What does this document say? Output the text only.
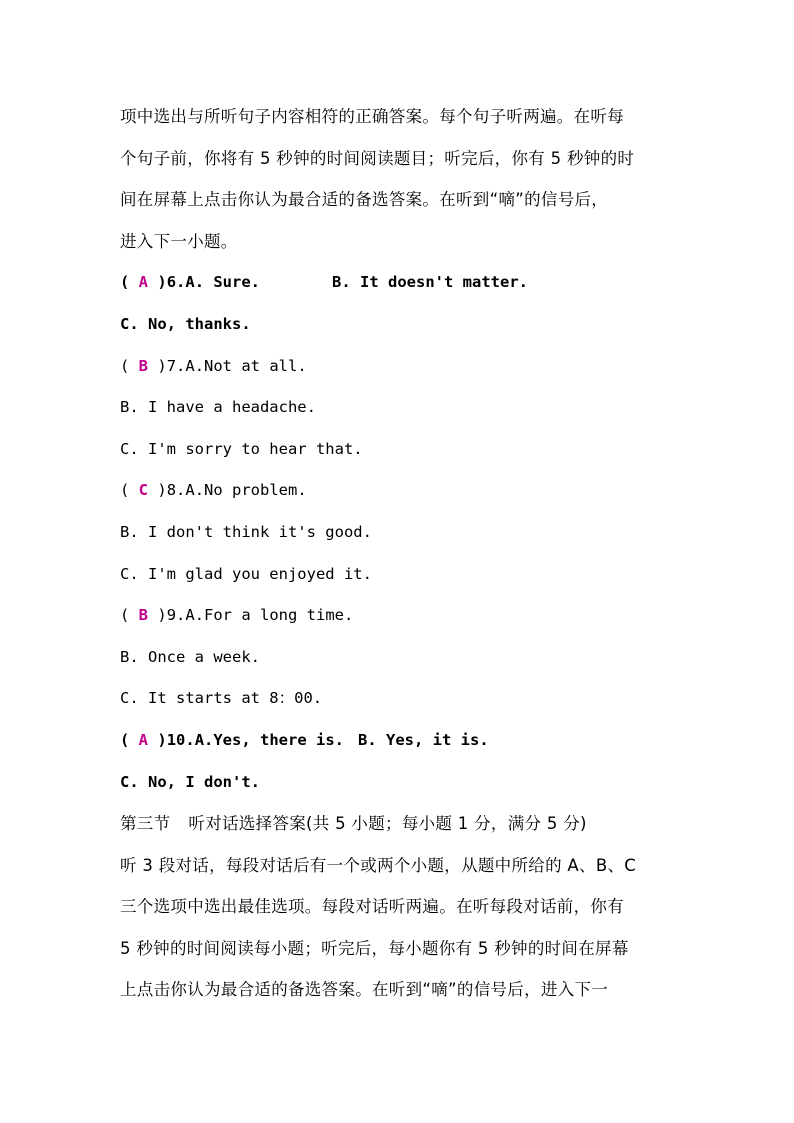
项中选出与所听句子内容相符的正确答案。每个句子听两遍。在听每
个句子前，你将有 5 秒钟的时间阅读题目；听完后，你有 5 秒钟的时
间在屏幕上点击你认为最合适的备选答案。在听到“嘀”的信号后，
进入下一小题。
( A )6.A. Sure.	B. It doesn't matter.
C. No, thanks.
( B )7.A.Not at all.
B. I have a headache.
C. I'm sorry to hear that.
( C )8.A.No problem.
B. I don't think it's good.
C. I'm glad you enjoyed it.
( B )9.A.For a long time.
B. Once a week.
C. It starts at 8：00.
( A )10.A.Yes, there is. B. Yes, it is.
C. No, I don't.
第三节 听对话选择答案(共 5 小题；每小题 1 分，满分 5 分)
听 3 段对话，每段对话后有一个或两个小题，从题中所给的 A、B、C
三个选项中选出最佳选项。每段对话听两遍。在听每段对话前，你有
5 秒钟的时间阅读每小题；听完后，每小题你有 5 秒钟的时间在屏幕
上点击你认为最合适的备选答案。在听到“嘀”的信号后，进入下一
